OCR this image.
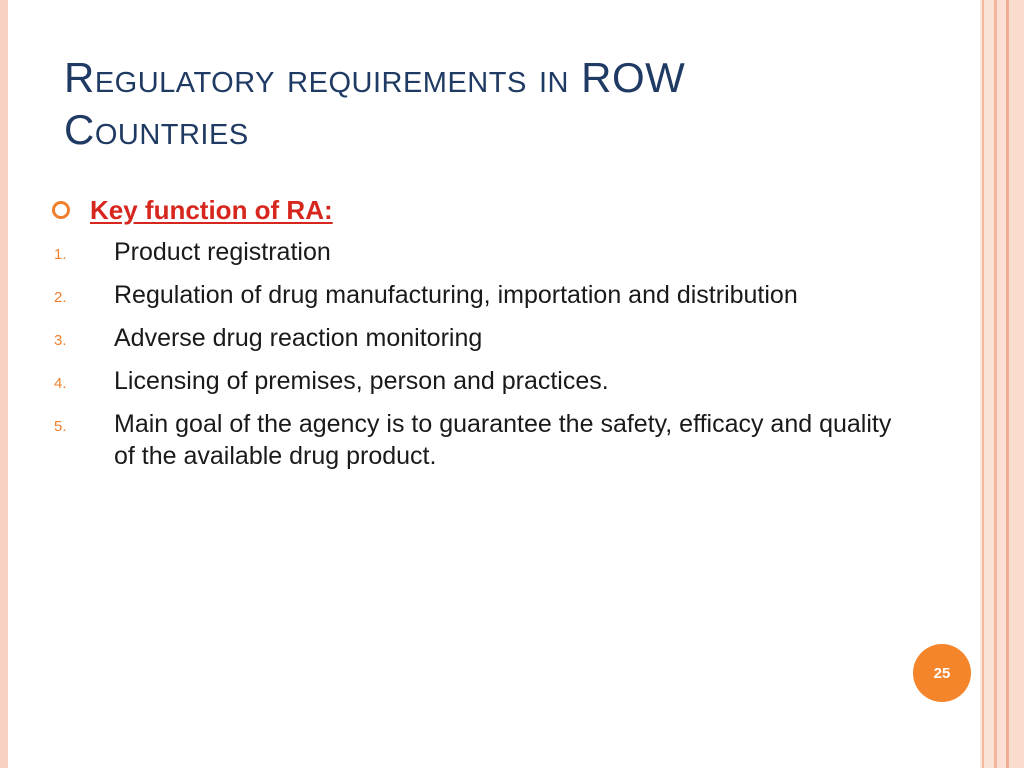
Regulatory requirements in ROW
Countries
Key function of RA:
1.	Product registration
2.	Regulation of drug manufacturing, importation and distribution
3.	Adverse drug reaction monitoring
4.	Licensing of premises, person and practices.
5.	Main goal of the agency is to guarantee the safety, efficacy and quality of the available drug product.
25
